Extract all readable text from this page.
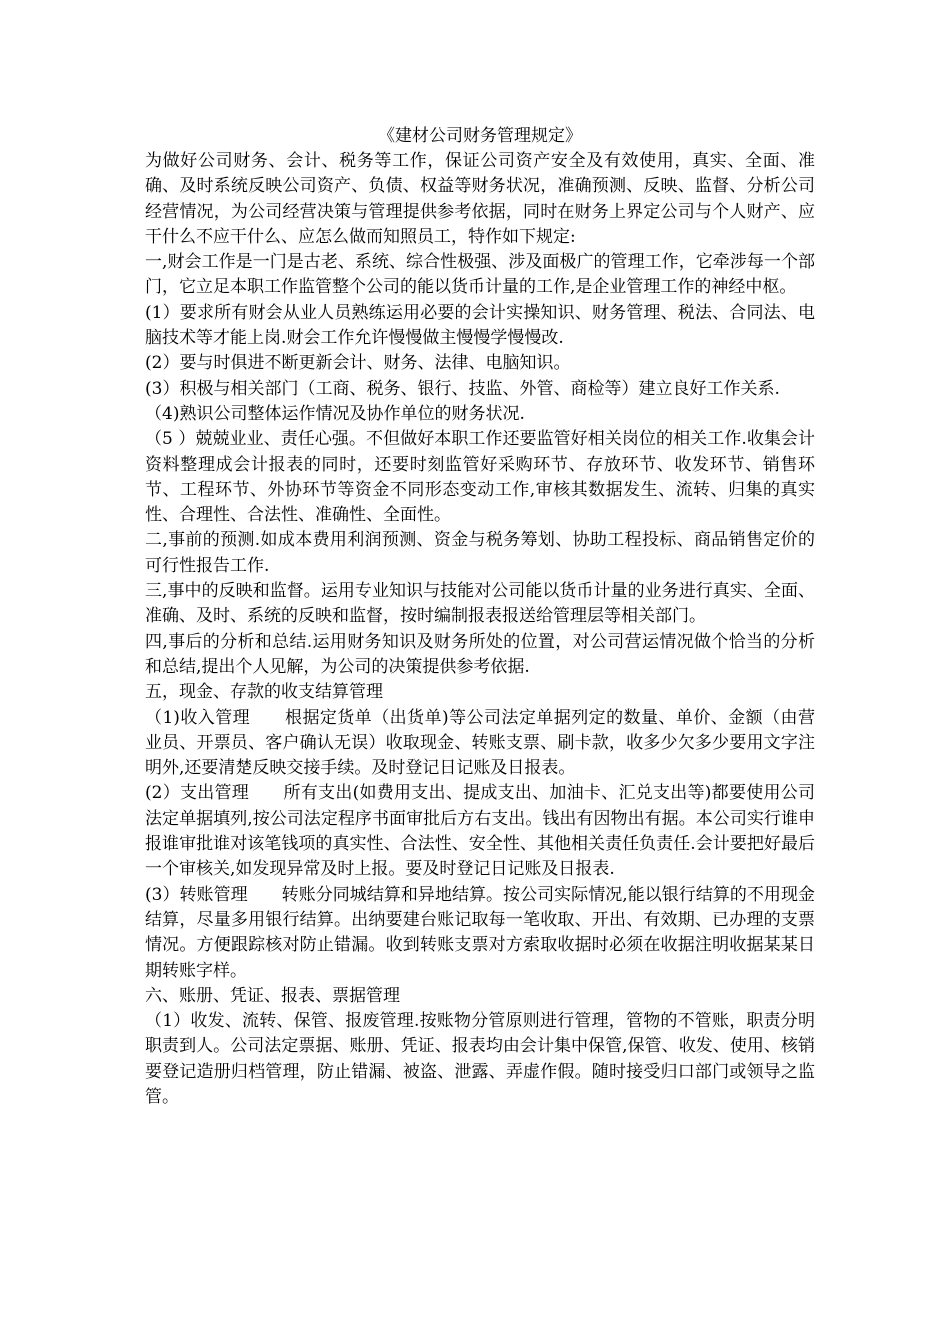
《建材公司财务管理规定》

为做好公司财务、会计、税务等工作，保证公司资产安全及有效使用，真实、全面、准确、及时系统反映公司资产、负债、权益等财务状况，准确预测、反映、监督、分析公司经营情况，为公司经营决策与管理提供参考依据，同时在财务上界定公司与个人财产、应干什么不应干什么、应怎么做而知照员工，特作如下规定:

一,财会工作是一门是古老、系统、综合性极强、涉及面极广的管理工作，它牵涉每一个部门，它立足本职工作监管整个公司的能以货币计量的工作,是企业管理工作的神经中枢。

(1）要求所有财会从业人员熟练运用必要的会计实操知识、财务管理、税法、合同法、电脑技术等才能上岗.财会工作允许慢慢做主慢慢学慢慢改.

(2）要与时俱进不断更新会计、财务、法律、电脑知识。

(3）积极与相关部门（工商、税务、银行、技监、外管、商检等）建立良好工作关系.

（4)熟识公司整体运作情况及协作单位的财务状况.

（5 ）兢兢业业、责任心强。不但做好本职工作还要监管好相关岗位的相关工作.收集会计资料整理成会计报表的同时，还要时刻监管好采购环节、存放环节、收发环节、销售环节、工程环节、外协环节等资金不同形态变动工作,审核其数据发生、流转、归集的真实性、合理性、合法性、准确性、全面性。

二,事前的预测.如成本费用利润预测、资金与税务筹划、协助工程投标、商品销售定价的可行性报告工作.

三,事中的反映和监督。运用专业知识与技能对公司能以货币计量的业务进行真实、全面、准确、及时、系统的反映和监督，按时编制报表报送给管理层等相关部门。

四,事后的分析和总结.运用财务知识及财务所处的位置，对公司营运情况做个恰当的分析和总结,提出个人见解，为公司的决策提供参考依据.

五，现金、存款的收支结算管理

（1)收入管理　　根据定货单（出货单)等公司法定单据列定的数量、单价、金额（由营业员、开票员、客户确认无误）收取现金、转账支票、刷卡款，收多少欠多少要用文字注明外,还要清楚反映交接手续。及时登记日记账及日报表。

(2）支出管理　　所有支出(如费用支出、提成支出、加油卡、汇兑支出等)都要使用公司法定单据填列,按公司法定程序书面审批后方右支出。钱出有因物出有据。本公司实行谁申报谁审批谁对该笔钱项的真实性、合法性、安全性、其他相关责任负责任.会计要把好最后一个审核关,如发现异常及时上报。要及时登记日记账及日报表.

(3）转账管理　　转账分同城结算和异地结算。按公司实际情况,能以银行结算的不用现金结算，尽量多用银行结算。出纳要建台账记取每一笔收取、开出、有效期、已办理的支票情况。方便跟踪核对防止错漏。收到转账支票对方索取收据时必须在收据注明收据某某日期转账字样。

六、账册、凭证、报表、票据管理

（1）收发、流转、保管、报废管理.按账物分管原则进行管理，管物的不管账，职责分明职责到人。公司法定票据、账册、凭证、报表均由会计集中保管,保管、收发、使用、核销要登记造册归档管理，防止错漏、被盗、泄露、弄虚作假。随时接受归口部门或领导之监管。
